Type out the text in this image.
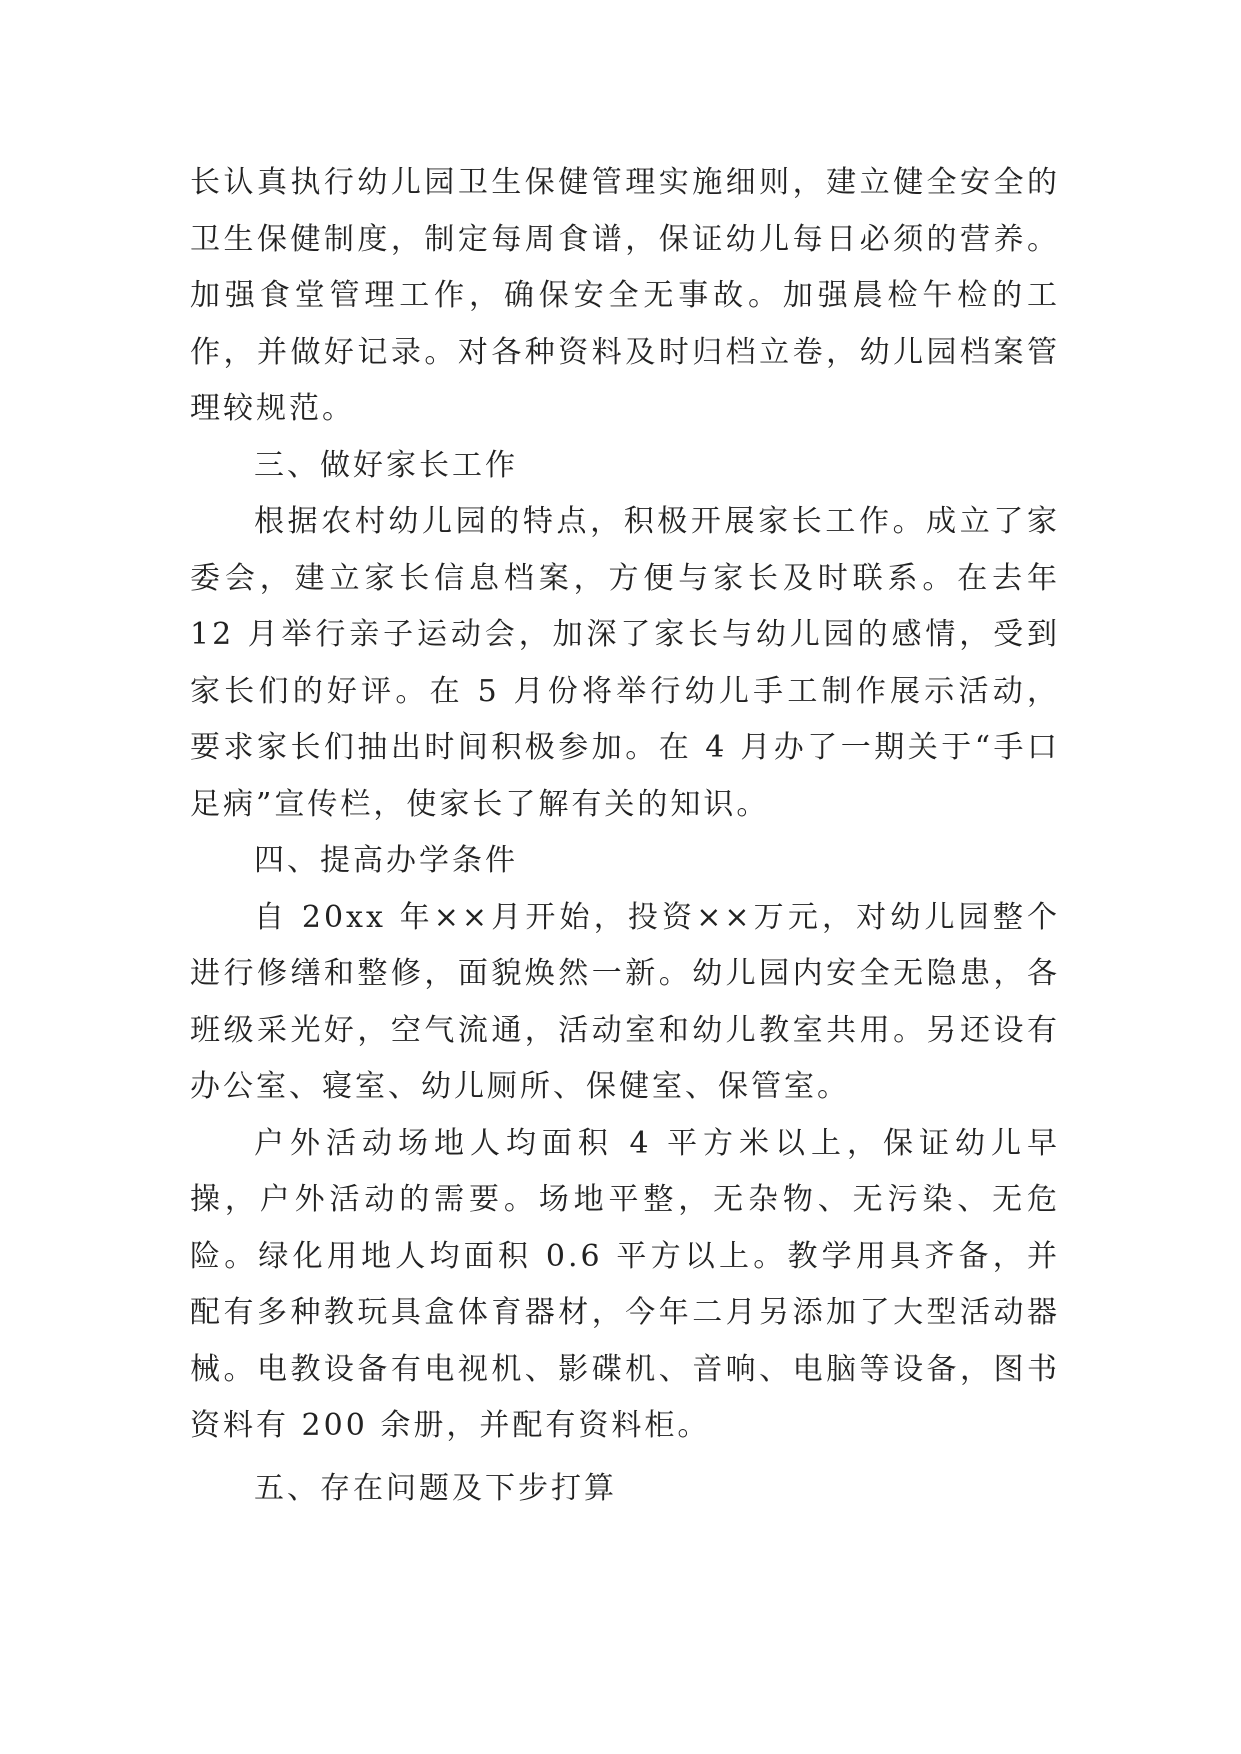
长认真执行幼儿园卫生保健管理实施细则，建立健全安全的卫生保健制度，制定每周食谱，保证幼儿每日必须的营养。加强食堂管理工作，确保安全无事故。加强晨检午检的工作，并做好记录。对各种资料及时归档立卷，幼儿园档案管理较规范。

三、做好家长工作

根据农村幼儿园的特点，积极开展家长工作。成立了家委会，建立家长信息档案，方便与家长及时联系。在去年 12 月举行亲子运动会，加深了家长与幼儿园的感情，受到家长们的好评。在 5 月份将举行幼儿手工制作展示活动，要求家长们抽出时间积极参加。在 4 月办了一期关于“手口足病”宣传栏，使家长了解有关的知识。

四、提高办学条件

自 20xx 年××月开始，投资××万元，对幼儿园整个进行修缮和整修，面貌焕然一新。幼儿园内安全无隐患，各班级采光好，空气流通，活动室和幼儿教室共用。另还设有办公室、寝室、幼儿厕所、保健室、保管室。

户外活动场地人均面积 4 平方米以上，保证幼儿早操，户外活动的需要。场地平整，无杂物、无污染、无危险。绿化用地人均面积 0.6 平方以上。教学用具齐备，并配有多种教玩具盒体育器材，今年二月另添加了大型活动器械。电教设备有电视机、影碟机、音响、电脑等设备，图书资料有 200 余册，并配有资料柜。

五、存在问题及下步打算
